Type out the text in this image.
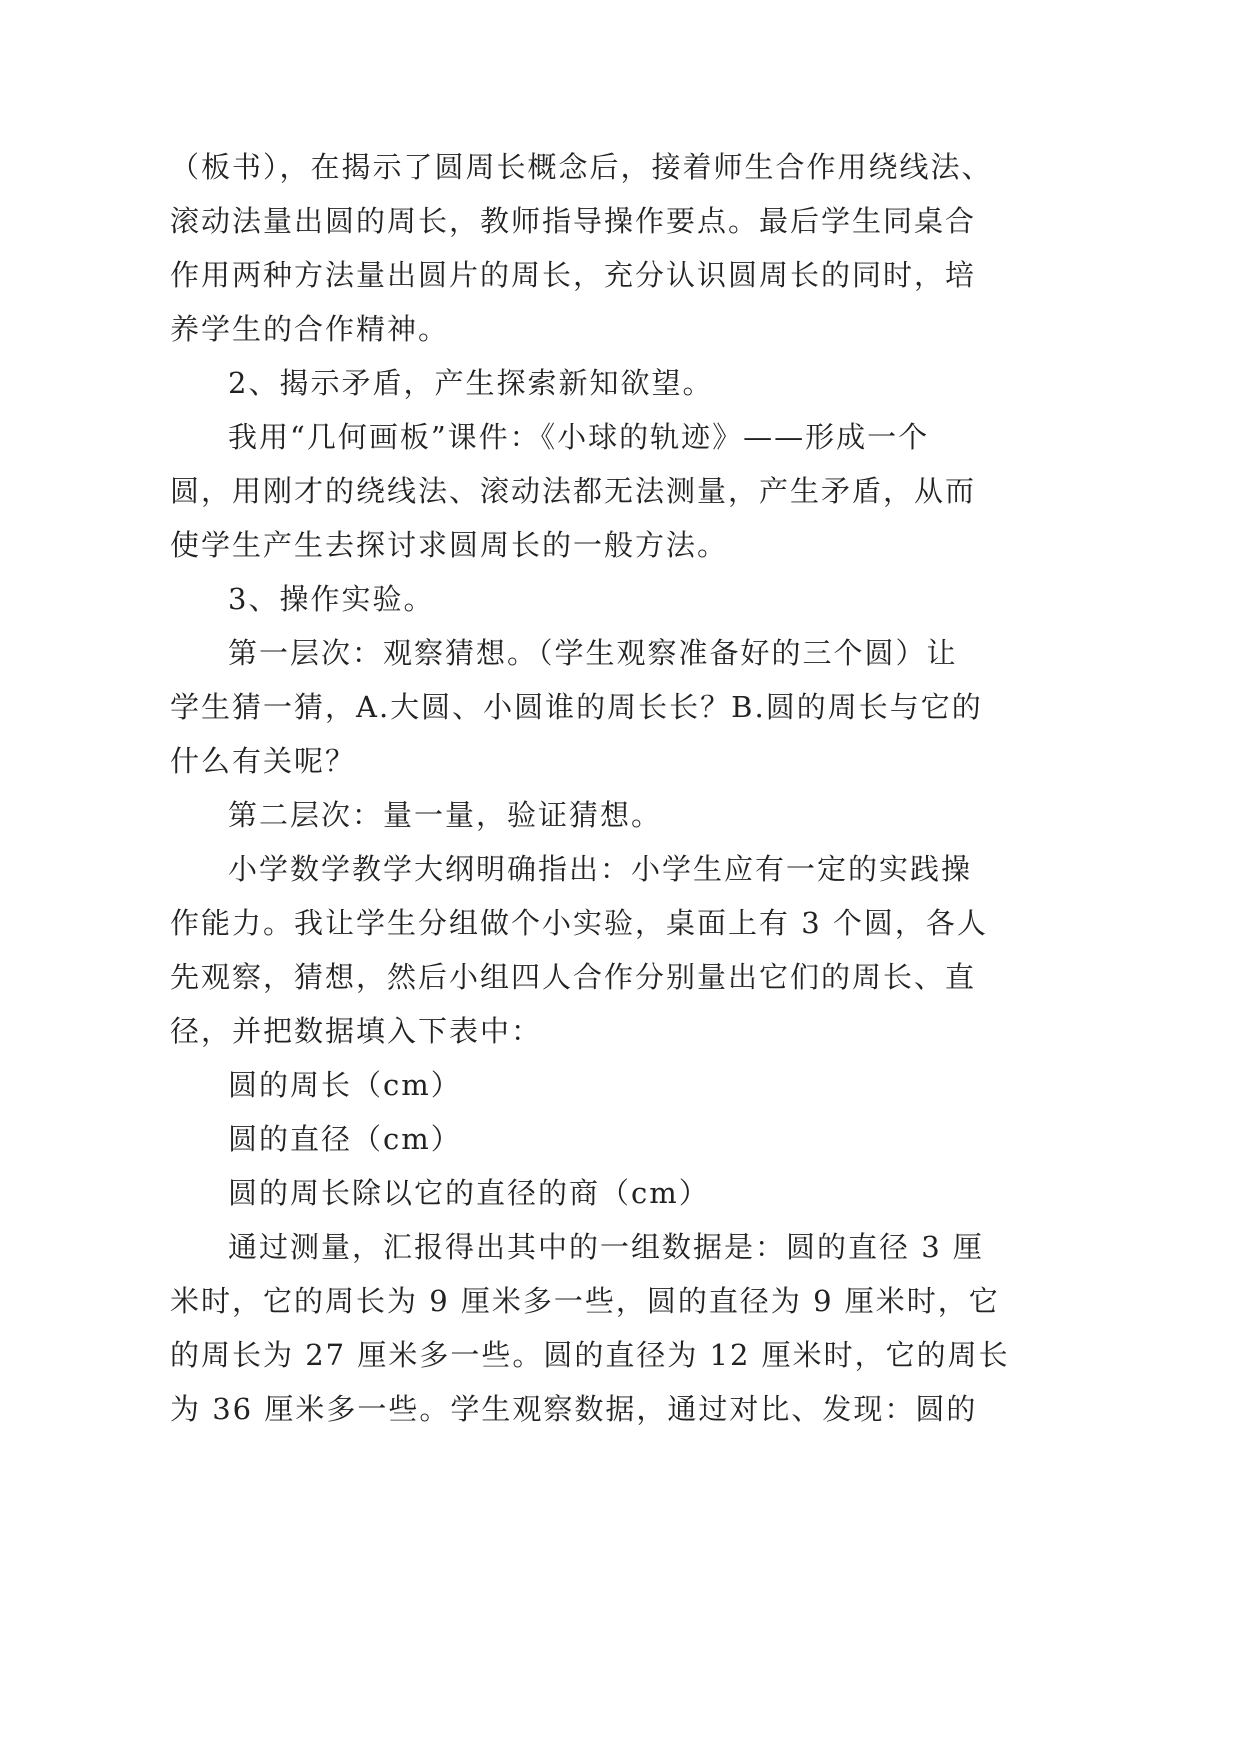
（板书），在揭示了圆周长概念后，接着师生合作用绕线法、
滚动法量出圆的周长，教师指导操作要点。最后学生同桌合
作用两种方法量出圆片的周长，充分认识圆周长的同时，培
养学生的合作精神。
2、揭示矛盾，产生探索新知欲望。
我用“几何画板”课件：《小球的轨迹》——形成一个
圆，用刚才的绕线法、滚动法都无法测量，产生矛盾，从而
使学生产生去探讨求圆周长的一般方法。
3、操作实验。
第一层次：观察猜想。（学生观察准备好的三个圆）让
学生猜一猜，A.大圆、小圆谁的周长长？B.圆的周长与它的
什么有关呢？
第二层次：量一量，验证猜想。
小学数学教学大纲明确指出：小学生应有一定的实践操
作能力。我让学生分组做个小实验，桌面上有 3 个圆，各人
先观察，猜想，然后小组四人合作分别量出它们的周长、直
径，并把数据填入下表中：
圆的周长（cm）
圆的直径（cm）
圆的周长除以它的直径的商（cm）
通过测量，汇报得出其中的一组数据是：圆的直径 3 厘
米时，它的周长为 9 厘米多一些，圆的直径为 9 厘米时，它
的周长为 27 厘米多一些。圆的直径为 12 厘米时，它的周长
为 36 厘米多一些。学生观察数据，通过对比、发现：圆的
